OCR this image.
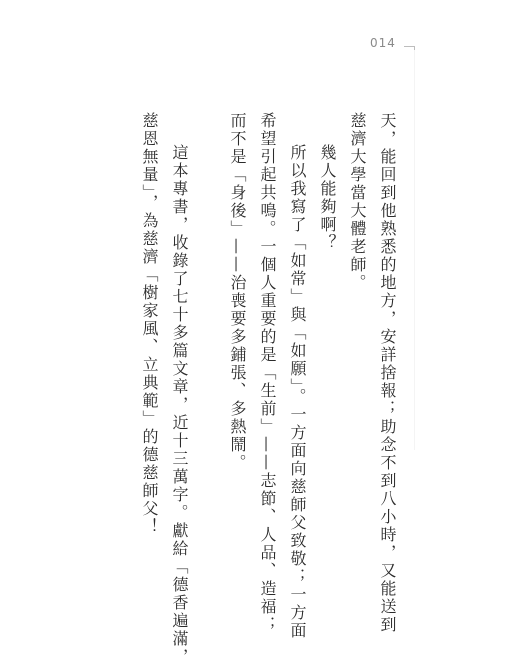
014
天，能回到他熟悉的地方，安詳捨報；助念不到八小時，又能送到
慈濟大學當大體老師。
幾人能夠啊？
所以我寫了「如常」與「如願」。一方面向慈師父致敬；一方面
希望引起共鳴。一個人重要的是「生前」——志節、人品、造福；
而不是「身後」——治喪要多鋪張、多熱鬧。
這本專書，收錄了七十多篇文章，近十三萬字。獻給「德香遍滿，
慈恩無量」，為慈濟「樹家風、立典範」的德慈師父！
